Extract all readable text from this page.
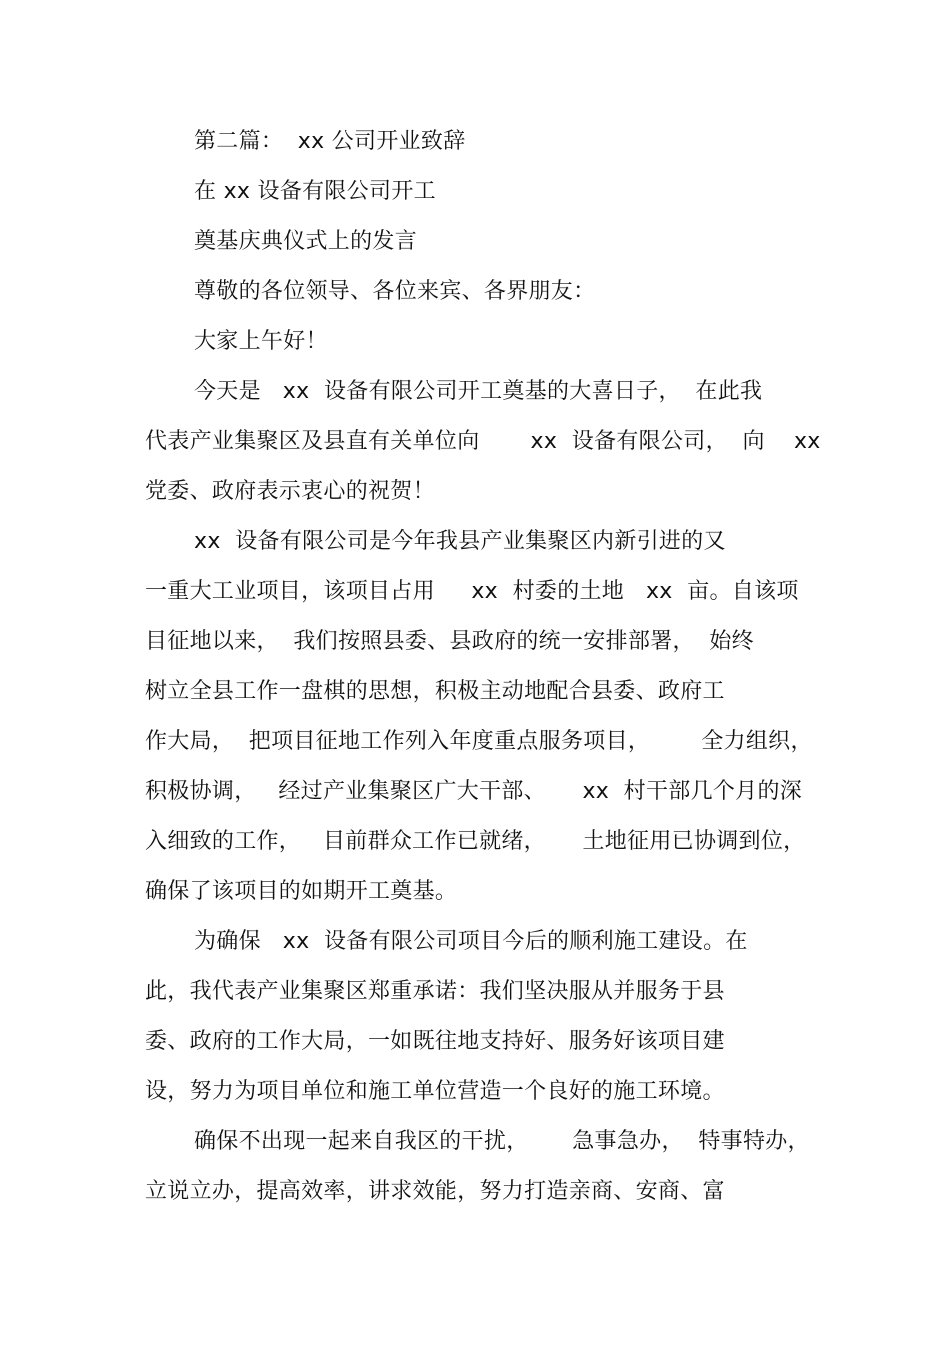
第二篇：  xx 公司开业致辞
在 xx 设备有限公司开工
奠基庆典仪式上的发言
尊敬的各位领导、各位来宾、各界朋友：
大家上午好！
今天是   xx  设备有限公司开工奠基的大喜日子，  在此我
代表产业集聚区及县直有关单位向       xx  设备有限公司，  向    xx
党委、政府表示衷心的祝贺！
xx  设备有限公司是今年我县产业集聚区内新引进的又
一重大工业项目，该项目占用     xx  村委的土地   xx  亩。自该项
目征地以来，  我们按照县委、县政府的统一安排部署，  始终
树立全县工作一盘棋的思想，积极主动地配合县委、政府工
作大局，  把项目征地工作列入年度重点服务项目，       全力组织，
积极协调，   经过产业集聚区广大干部、     xx  村干部几个月的深
入细致的工作，   目前群众工作已就绪，     土地征用已协调到位，
确保了该项目的如期开工奠基。
为确保   xx  设备有限公司项目今后的顺利施工建设。在
此，我代表产业集聚区郑重承诺：我们坚决服从并服务于县
委、政府的工作大局，一如既往地支持好、服务好该项目建
设，努力为项目单位和施工单位营造一个良好的施工环境。
确保不出现一起来自我区的干扰，      急事急办，  特事特办，
立说立办，提高效率，讲求效能，努力打造亲商、安商、富
